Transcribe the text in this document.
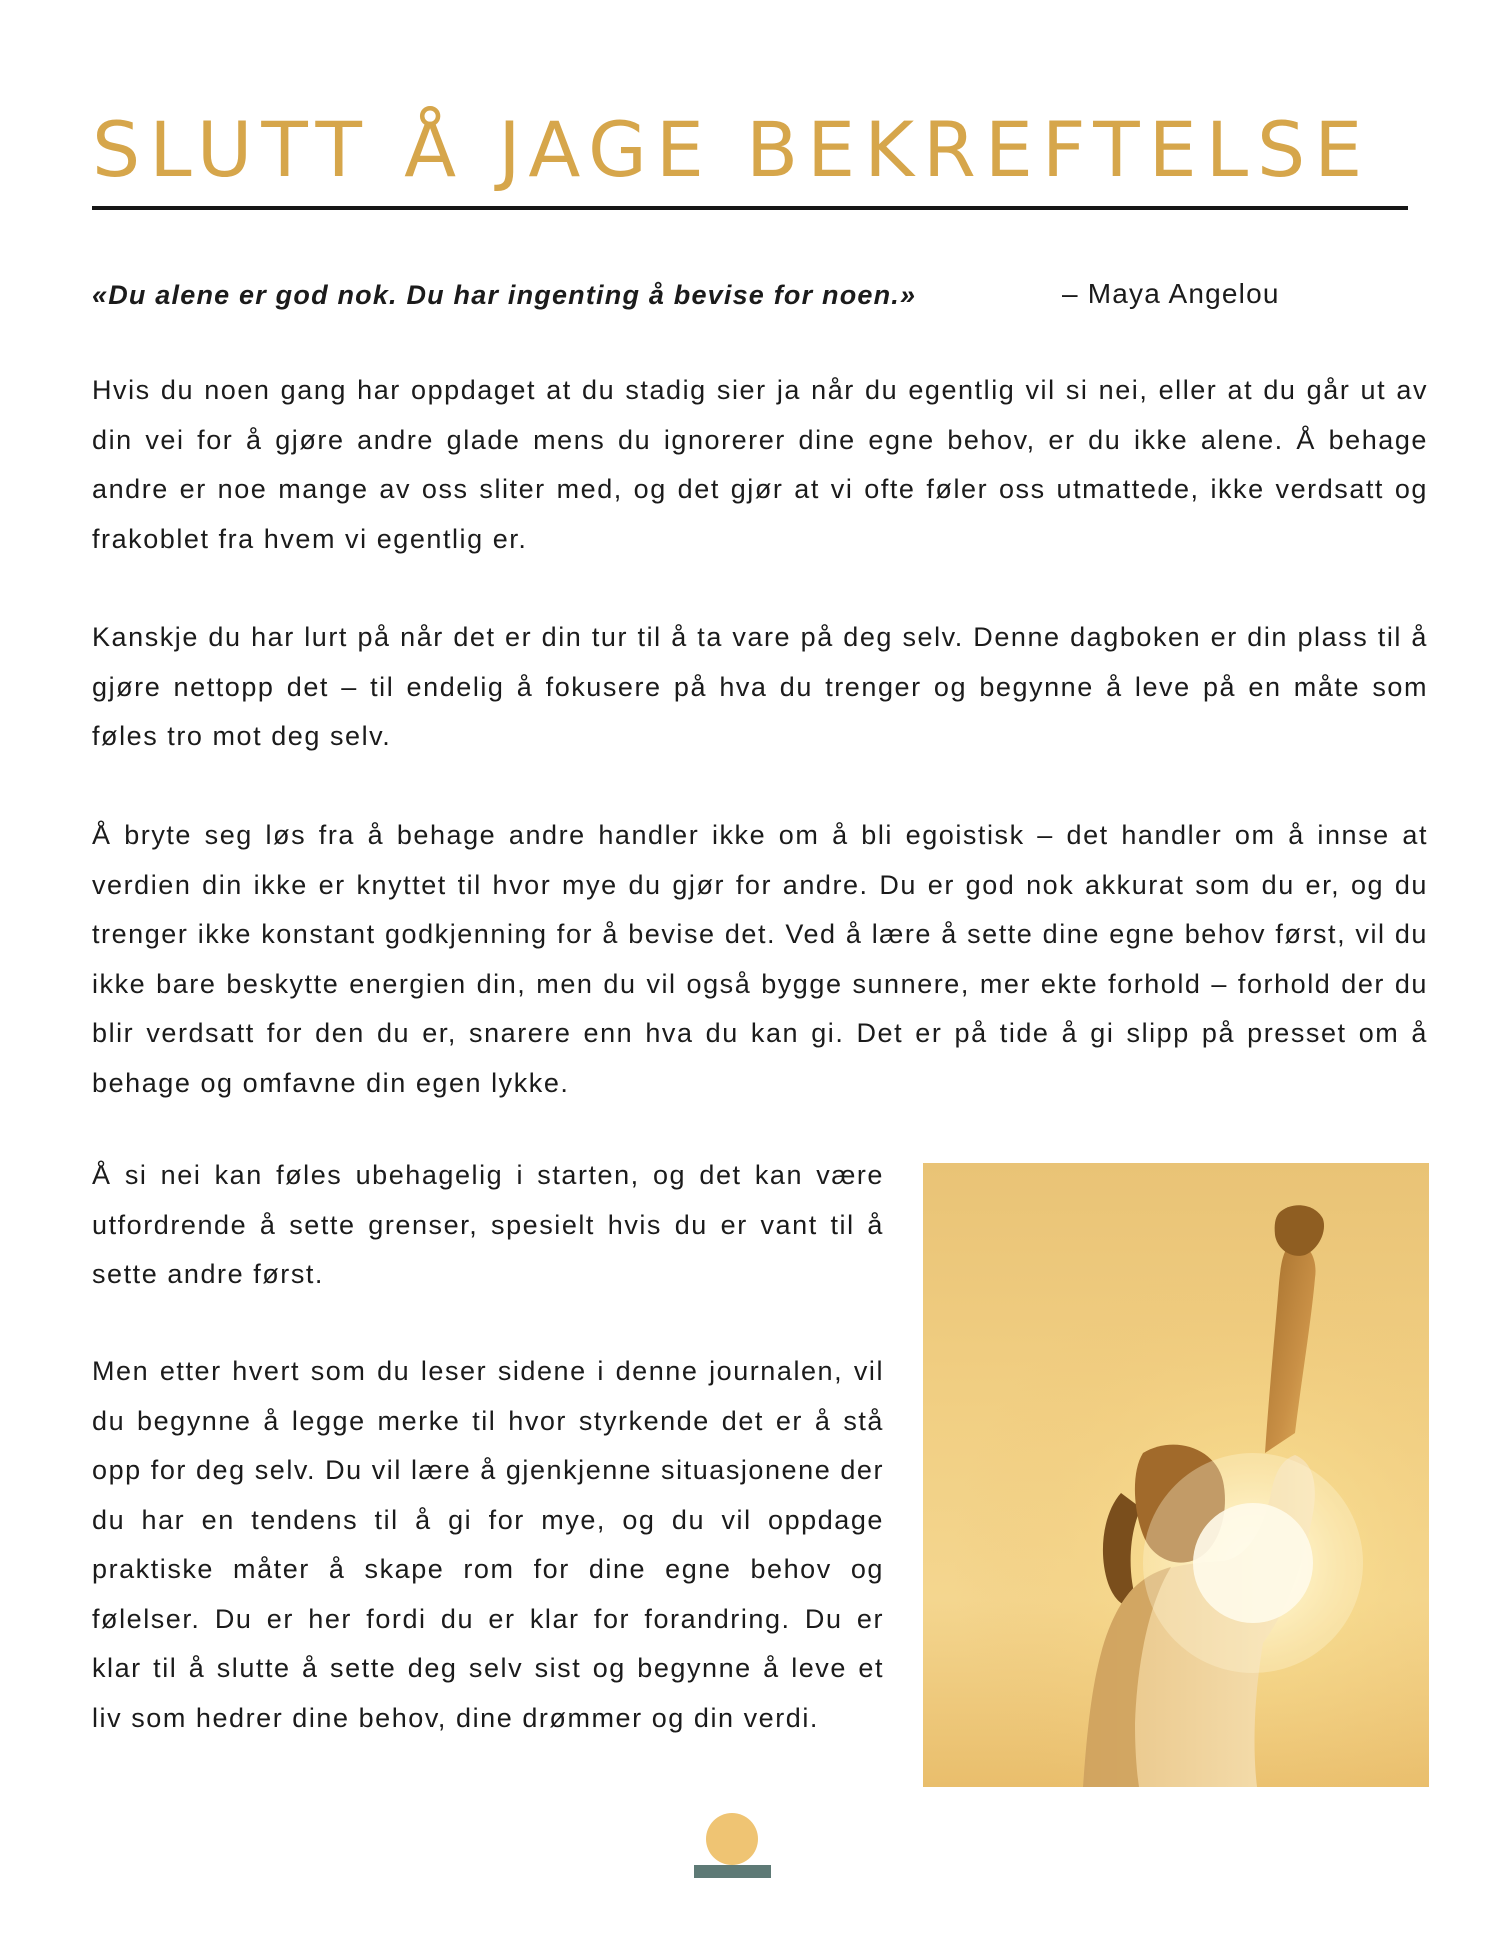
SLUTT Å JAGE BEKREFTELSE
«Du alene er god nok. Du har ingenting å bevise for noen.»	– Maya Angelou

Hvis du noen gang har oppdaget at du stadig sier ja når du egentlig vil si nei, eller at du går ut av din vei for å gjøre andre glade mens du ignorerer dine egne behov, er du ikke alene. Å behage andre er noe mange av oss sliter med, og det gjør at vi ofte føler oss utmattede, ikke verdsatt og frakoblet fra hvem vi egentlig er.

Kanskje du har lurt på når det er din tur til å ta vare på deg selv. Denne dagboken er din plass til å gjøre nettopp det – til endelig å fokusere på hva du trenger og begynne å leve på en måte som føles tro mot deg selv.

Å bryte seg løs fra å behage andre handler ikke om å bli egoistisk – det handler om å innse at verdien din ikke er knyttet til hvor mye du gjør for andre. Du er god nok akkurat som du er, og du trenger ikke konstant godkjenning for å bevise det. Ved å lære å sette dine egne behov først, vil du ikke bare beskytte energien din, men du vil også bygge sunnere, mer ekte forhold – forhold der du blir verdsatt for den du er, snarere enn hva du kan gi. Det er på tide å gi slipp på presset om å behage og omfavne din egen lykke.

Å si nei kan føles ubehagelig i starten, og det kan være utfordrende å sette grenser, spesielt hvis du er vant til å sette andre først.

Men etter hvert som du leser sidene i denne journalen, vil du begynne å legge merke til hvor styrkende det er å stå opp for deg selv. Du vil lære å gjenkjenne situasjonene der du har en tendens til å gi for mye, og du vil oppdage praktiske måter å skape rom for dine egne behov og følelser. Du er her fordi du er klar for forandring. Du er klar til å slutte å sette deg selv sist og begynne å leve et liv som hedrer dine behov, dine drømmer og din verdi.
